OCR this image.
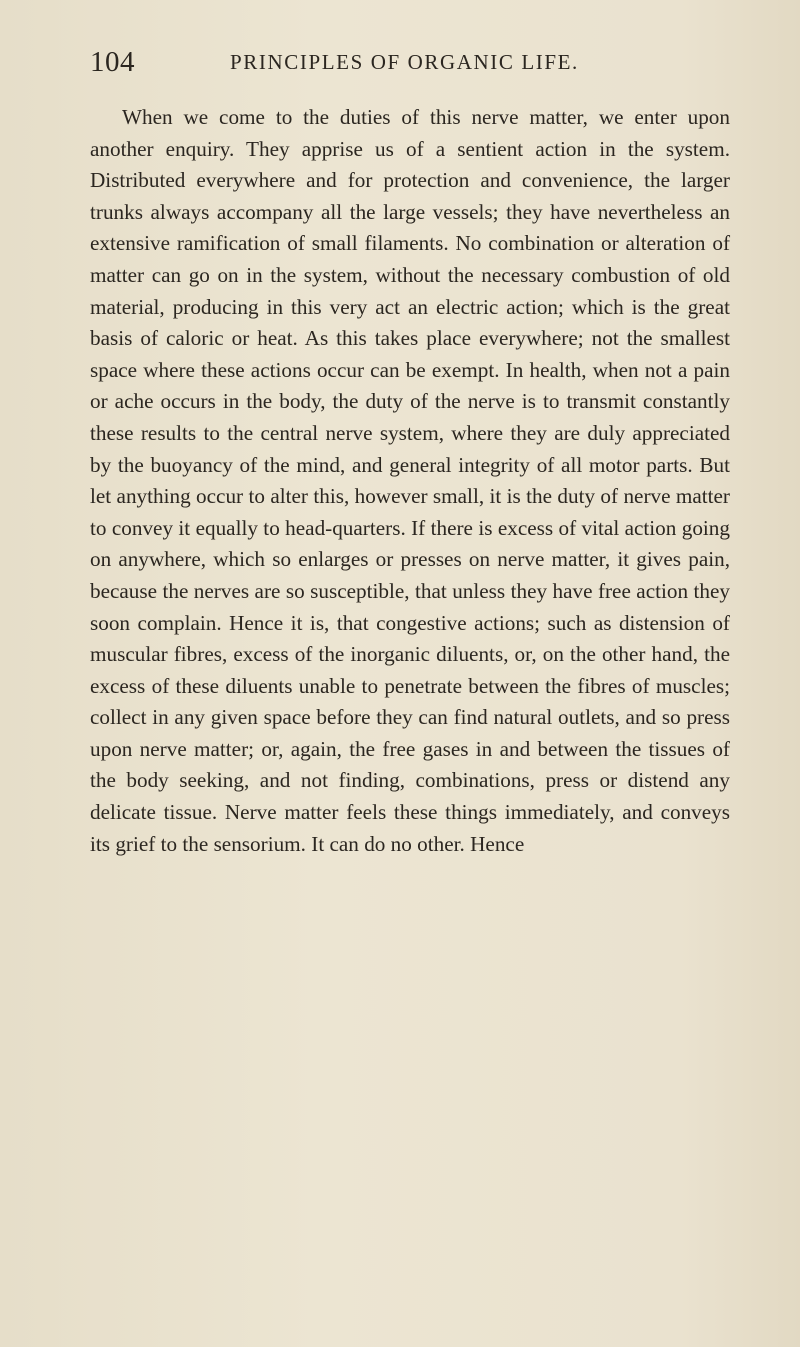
104	PRINCIPLES OF ORGANIC LIFE.

When we come to the duties of this nerve matter, we enter upon another enquiry. They apprise us of a sentient action in the system. Distributed everywhere and for protection and convenience, the larger trunks always accompany all the large vessels; they have nevertheless an extensive ramification of small filaments. No combination or alteration of matter can go on in the system, without the necessary combustion of old material, producing in this very act an electric action; which is the great basis of caloric or heat. As this takes place everywhere; not the smallest space where these actions occur can be exempt. In health, when not a pain or ache occurs in the body, the duty of the nerve is to transmit constantly these results to the central nerve system, where they are duly appreciated by the buoyancy of the mind, and general integrity of all motor parts. But let anything occur to alter this, however small, it is the duty of nerve matter to convey it equally to head-quarters. If there is excess of vital action going on anywhere, which so enlarges or presses on nerve matter, it gives pain, because the nerves are so susceptible, that unless they have free action they soon complain. Hence it is, that congestive actions; such as distension of muscular fibres, excess of the inorganic diluents, or, on the other hand, the excess of these diluents unable to penetrate between the fibres of muscles; collect in any given space before they can find natural outlets, and so press upon nerve matter; or, again, the free gases in and between the tissues of the body seeking, and not finding, combinations, press or distend any delicate tissue. Nerve matter feels these things immediately, and conveys its grief to the sensorium. It can do no other. Hence
